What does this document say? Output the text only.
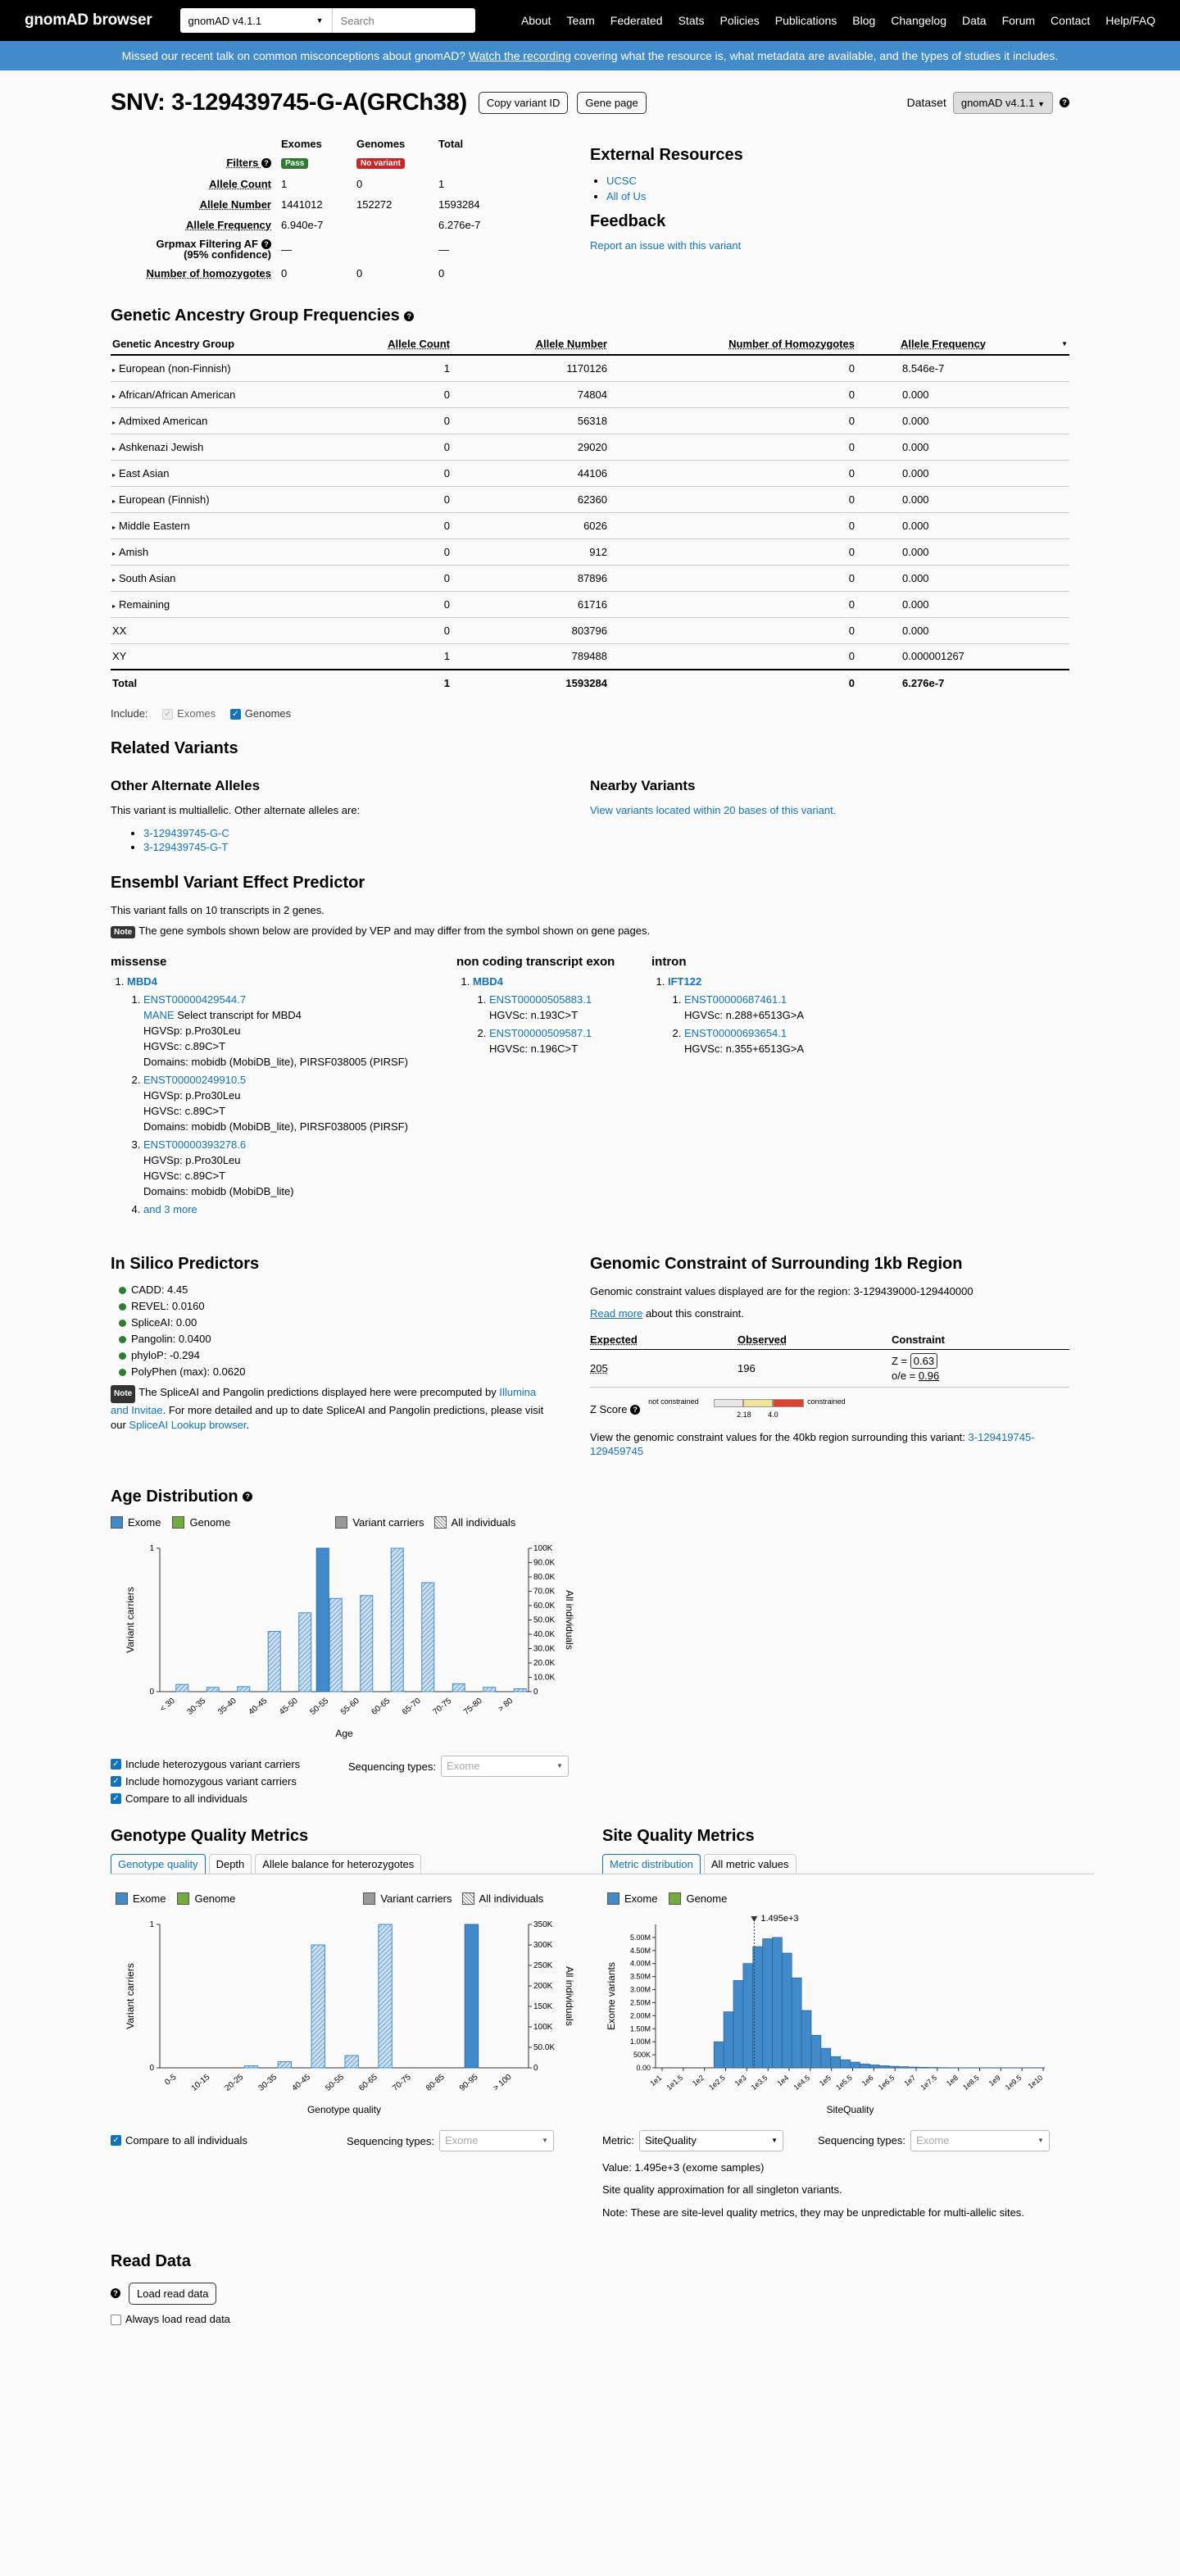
gnomAD browser	gnomAD v4.1.1	▼
Search	About Team Federated Stats Policies Publications Blog Changelog Data Forum Contact Help/FAQ
Missed our recent talk on common misconceptions about gnomAD?
Watch the recording
covering what the resource is, what metadata are available, and the types of studies it includes.
SNV: 3-129439745-G-A(GRCh38)	Copy variant ID	Gene page	Dataset	gnomAD v4.1.1 ▼	?
	Exomes	Genomes	Total
Filters ?	Pass	No variant	
Allele Count	1	0	1
Allele Number	1441012	152272	1593284
Allele Frequency	6.940e-7		6.276e-7
Grpmax Filtering AF ?
(95% confidence)	—		—
Number of homozygotes	0	0	0
External Resources
• UCSC
• All of Us
Feedback
Report an issue with this variant
Genetic Ancestry Group Frequencies ?
Genetic Ancestry Group	Allele Count	Allele Number	Number of Homozygotes	Allele Frequency ▼

▸ European (non-Finnish)	1	1170126	0	8.546e-7
▸ African/African American	0	74804	0	0.000
▸ Admixed American	0	56318	0	0.000
▸ Ashkenazi Jewish	0	29020	0	0.000
▸ East Asian	0	44106	0	0.000
▸ European (Finnish)	0	62360	0	0.000
▸ Middle Eastern	0	6026	0	0.000
▸ Amish	0	912	0	0.000
▸ South Asian	0	87896	0	0.000
▸ Remaining	0	61716	0	0.000
XX	0	803796	0	0.000
XY	1	789488	0	0.000001267
Total	1	1593284	0	6.276e-7
Include: ✓ Exomes ✓ Genomes
Related Variants
Other Alternate Alleles
This variant is multiallelic. Other alternate alleles are:
• 3-129439745-G-C
• 3-129439745-G-T
Nearby Variants
View variants located within 20 bases of this variant.
Ensembl Variant Effect Predictor
This variant falls on 10 transcripts in 2 genes.
Note The gene symbols shown below are provided by VEP and may differ from the symbol shown on gene pages.
missense
1. MBD4
1. ENST00000429544.7
MANE Select transcript for MBD4
HGVSp: p.Pro30Leu
HGVSc: c.89C>T
Domains: mobidb (MobiDB_lite), PIRSF038005 (PIRSF)
2. ENST00000249910.5
HGVSp: p.Pro30Leu
HGVSc: c.89C>T
Domains: mobidb (MobiDB_lite), PIRSF038005 (PIRSF)
3. ENST00000393278.6
HGVSp: p.Pro30Leu
HGVSc: c.89C>T
Domains: mobidb (MobiDB_lite)
4. and 3 more
non coding transcript exon
1. MBD4
1. ENST00000505883.1
HGVSc: n.193C>T
2. ENST00000509587.1
HGVSc: n.196C>T
intron
1. IFT122
1. ENST00000687461.1
HGVSc: n.288+6513G>A
2. ENST00000693654.1
HGVSc: n.355+6513G>A
In Silico Predictors
CADD: 4.45
REVEL: 0.0160
SpliceAI: 0.00
Pangolin: 0.0400
phyloP: -0.294
PolyPhen (max): 0.0620
Note The SpliceAI and Pangolin predictions displayed here were precomputed by Illumina and Invitae. For more detailed and up to date SpliceAI and Pangolin predictions, please visit our SpliceAI Lookup browser.
Genomic Constraint of Surrounding 1kb Region
Genomic constraint values displayed are for the region: 3-129439000-129440000
Read more about this constraint.
Expected	Observed	Constraint
205	196	Z = 0.63
o/e = 0.96
Z Score
?
not constrained	constrained
2.18 4.0
View the genomic constraint values for the 40kb region surrounding this variant: 3-129419745-129459745
Age Distribution ?
Exome	Genome	Variant carriers	All individuals
0
1
0
10.0K
20.0K
30.0K
40.0K
50.0K
60.0K
70.0K
80.0K
90.0K
100K
< 30 30-35 35-40 40-45 45-50 50-55 55-60 60-65 65-70 70-75 75-80 > 80
Age
Variant carriers	All individuals
✓ Include heterozygous variant carriers
✓ Include homozygous variant carriers
✓ Compare to all individuals
Sequencing types: Exome	▼
Genotype Quality Metrics
Genotype quality	Depth	Allele balance for heterozygotes
Exome	Genome	Variant carriers	All individuals
0
1
0
50.0K
100K
150K
200K
250K
300K
350K
0-5 10-15 20-25 30-35 40-45 50-55 60-65 70-75 80-85 90-95 > 100
Genotype quality
Variant carriers	All individuals
✓ Compare to all individuals	Sequencing types: Exome	▼
Site Quality Metrics
Metric distribution	All metric values
Exome	Genome
0.00
500K
1.00M
1.50M
2.00M
2.50M
3.00M
3.50M
4.00M
4.50M
5.00M
1e1 1e1.5 1e2 1e2.5 1e3 1e3.5 1e4 1e4.5 1e5 1e5.5 1e6 1e6.5 1e7 1e7.5 1e8 1e8.5 1e9 1e9.5 1e10
1.495e+3
SiteQuality
Exome variants
Metric: SiteQuality	▼	Sequencing types: Exome	▼
Value: 1.495e+3 (exome samples)
Site quality approximation for all singleton variants.
Note: These are site-level quality metrics, they may be unpredictable for multi-allelic sites.
Read Data
?	Load read data
Always load read data
